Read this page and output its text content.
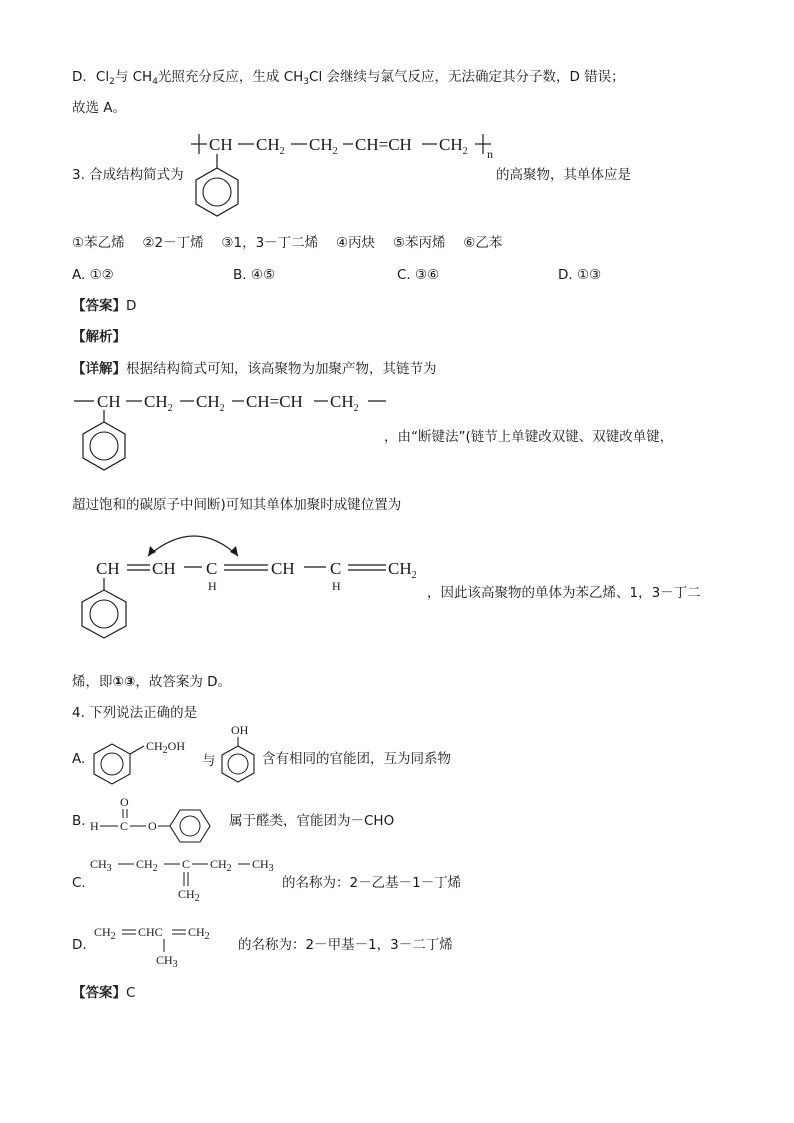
D．$Cl_2$与 $CH_4$光照充分反应，生成 $CH_3Cl$ 会继续与氯气反应，无法确定其分子数，D 错误；
故选 A。
CH $CH_2$ $CH_2$ CH=CH $CH_2$ n
3. 合成结构简式为	的高聚物，其单体应是
①苯乙烯　 ②2－丁烯　 ③1，3－丁二烯　 ④丙炔　 ⑤苯丙烯　 ⑥乙苯
A. ①②	B. ④⑤	C. ③⑥	D. ①③
【答案】D
【解析】
【详解】根据结构简式可知，该高聚物为加聚产物，其链节为
CH $CH_2$ $CH_2$ CH=CH $CH_2$
，由“断键法”(链节上单键改双键、双键改单键，
超过饱和的碳原子中间断)可知其单体加聚时成键位置为
CH CH C
H
CH C
H
$CH_2$
，因此该高聚物的单体为苯乙烯、1，3－丁二
烯，即①③，故答案为 D。
4. 下列说法正确的是
A.
$CH_2OH$
与
OH
含有相同的官能团，互为同系物
B.
O
H C O	属于醛类，官能团为－CHO
C.
$CH_3$ $CH_2$ C $CH_2$ $CH_3$
$CH_2$
的名称为：2－乙基－1－丁烯
D.
$CH_2$ CHC $CH_2$
$CH_3$
的名称为：2－甲基－1，3－二丁烯
【答案】C
